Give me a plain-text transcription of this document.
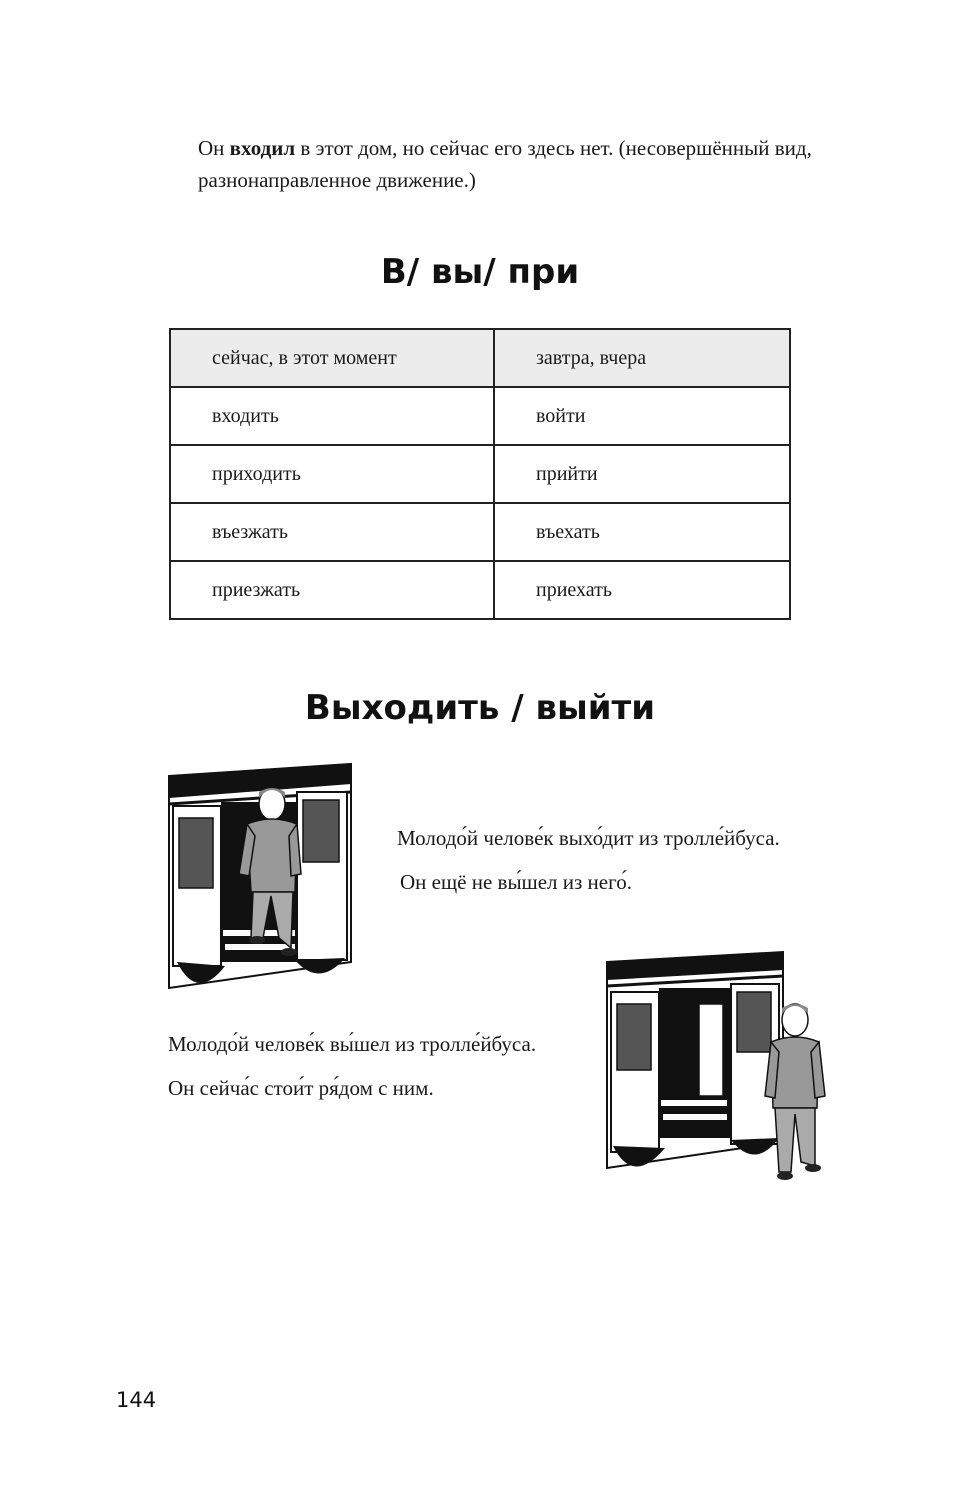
Он входил в этот дом, но сейчас его здесь нет. (несовершённый вид, разнонаправленное движение.)
В/ вы/ при
сейчас, в этот момент	завтра, вчера
входить	войти
приходить	прийти
въезжать	въехать
приезжать	приехать
Выходить / выйти
Молодо́й челове́к выхо́дит из тролле́йбуса.
Он ещё не вы́шел из него́.
Молодо́й челове́к вы́шел из тролле́йбуса.
Он сейча́с стои́т ря́дом с ним.
144
